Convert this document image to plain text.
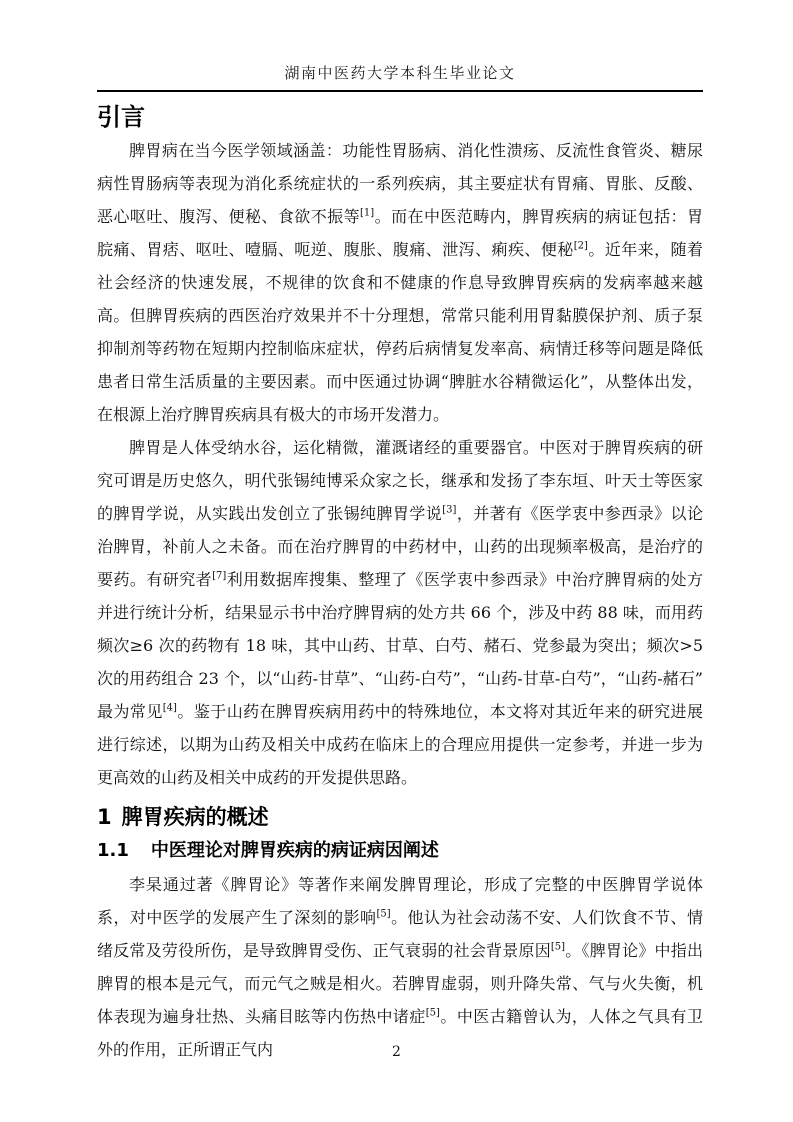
湖南中医药大学本科生毕业论文
引言

脾胃病在当今医学领域涵盖：功能性胃肠病、消化性溃疡、反流性食管炎、糖尿病性胃肠病等表现为消化系统症状的一系列疾病，其主要症状有胃痛、胃胀、反酸、恶心呕吐、腹泻、便秘、食欲不振等[1]。而在中医范畴内，脾胃疾病的病证包括：胃脘痛、胃痞、呕吐、噎膈、呃逆、腹胀、腹痛、泄泻、痢疾、便秘[2]。近年来，随着社会经济的快速发展，不规律的饮食和不健康的作息导致脾胃疾病的发病率越来越高。但脾胃疾病的西医治疗效果并不十分理想，常常只能利用胃黏膜保护剂、质子泵抑制剂等药物在短期内控制临床症状，停药后病情复发率高、病情迁移等问题是降低患者日常生活质量的主要因素。而中医通过协调“脾脏水谷精微运化”，从整体出发，在根源上治疗脾胃疾病具有极大的市场开发潜力。

脾胃是人体受纳水谷，运化精微，灌溉诸经的重要器官。中医对于脾胃疾病的研究可谓是历史悠久，明代张锡纯博采众家之长，继承和发扬了李东垣、叶天士等医家的脾胃学说，从实践出发创立了张锡纯脾胃学说[3]，并著有《医学衷中参西录》以论治脾胃，补前人之未备。而在治疗脾胃的中药材中，山药的出现频率极高，是治疗的要药。有研究者[7]利用数据库搜集、整理了《医学衷中参西录》中治疗脾胃病的处方并进行统计分析，结果显示书中治疗脾胃病的处方共 66 个，涉及中药 88 味，而用药频次≥6 次的药物有 18 味，其中山药、甘草、白芍、赭石、党参最为突出；频次>5 次的用药组合 23 个，以“山药-甘草”、“山药-白芍”，“山药-甘草-白芍”，“山药-赭石”最为常见[4]。鉴于山药在脾胃疾病用药中的特殊地位，本文将对其近年来的研究进展进行综述，以期为山药及相关中成药在临床上的合理应用提供一定参考，并进一步为更高效的山药及相关中成药的开发提供思路。

1 脾胃疾病的概述
1.1 中医理论对脾胃疾病的病证病因阐述

李杲通过著《脾胃论》等著作来阐发脾胃理论，形成了完整的中医脾胃学说体系，对中医学的发展产生了深刻的影响[5]。他认为社会动荡不安、人们饮食不节、情绪反常及劳役所伤，是导致脾胃受伤、正气衰弱的社会背景原因[5]。《脾胃论》中指出脾胃的根本是元气，而元气之贼是相火。若脾胃虚弱，则升降失常、气与火失衡，机体表现为遍身壮热、头痛目眩等内伤热中诸症[5]。中医古籍曾认为，人体之气具有卫外的作用，正所谓正气内	2
